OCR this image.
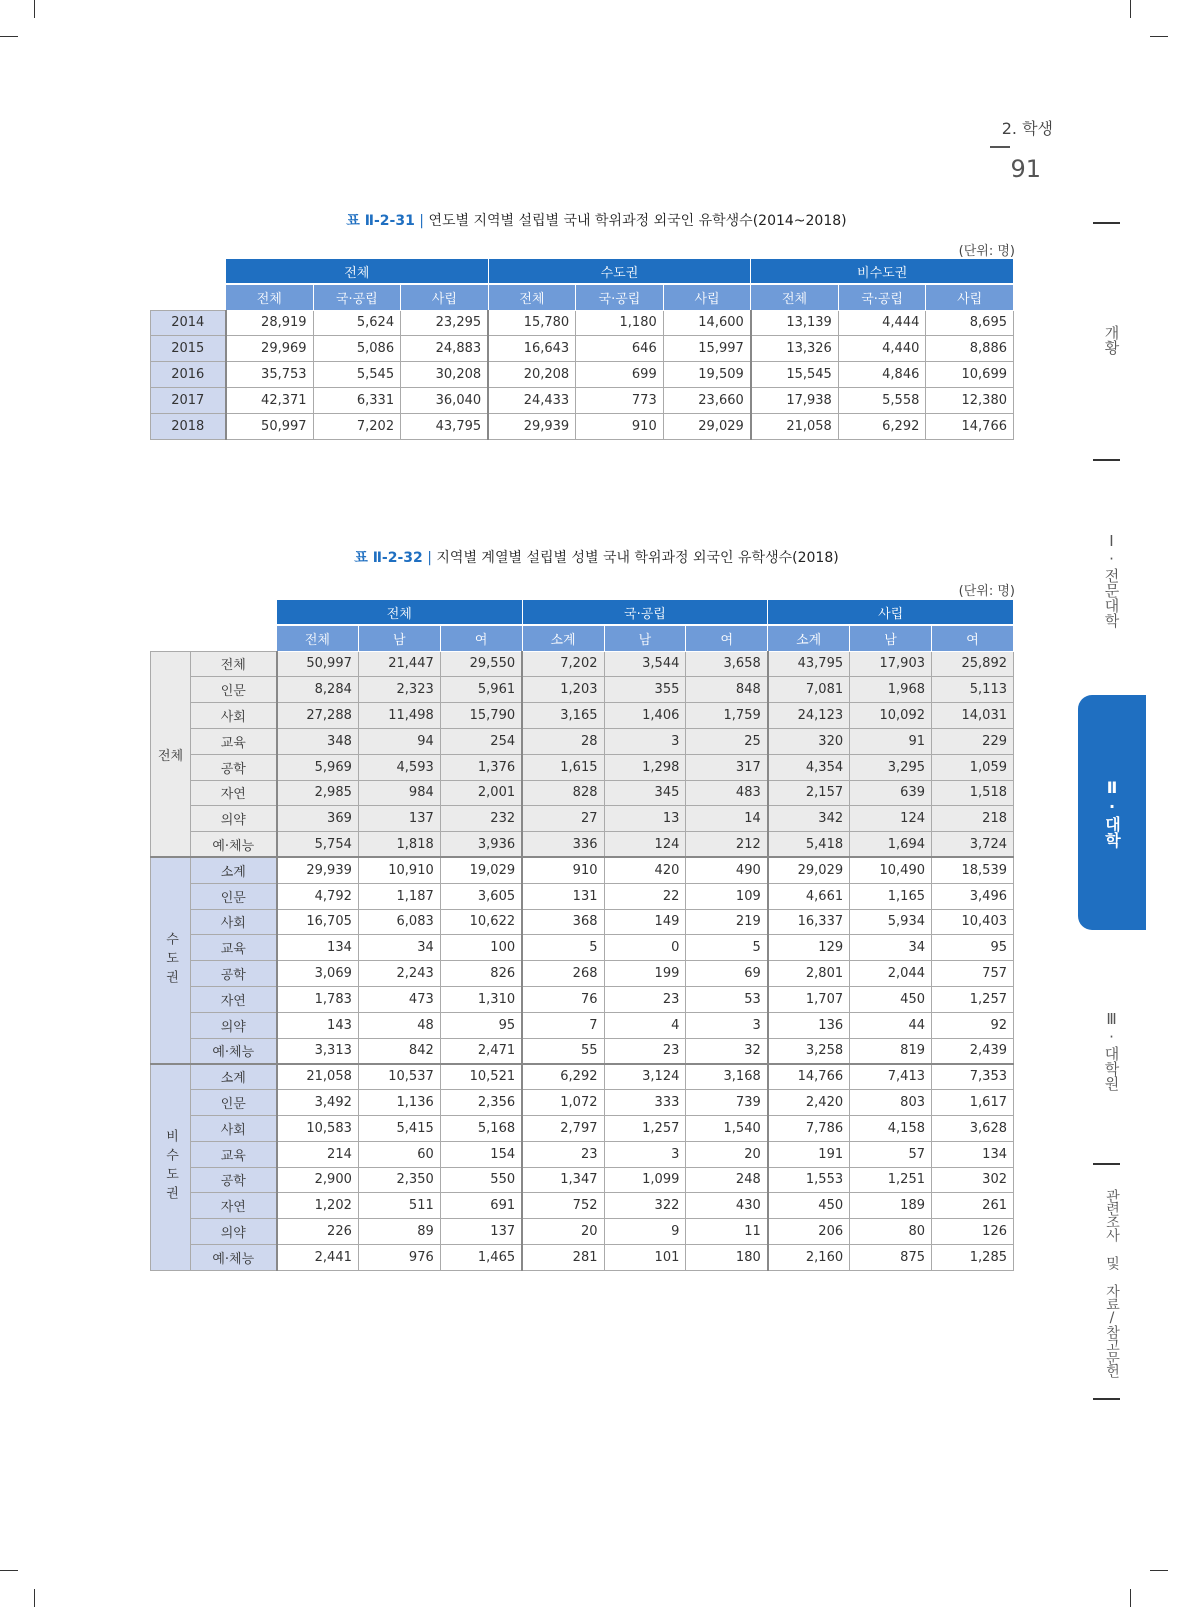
2. 학생
91
표 Ⅱ-2-31 | 연도별 지역별 설립별 국내 학위과정 외국인 유학생수(2014~2018)
(단위: 명)
	전체			수도권			비수도권		
	전체	국·공립	사립	전체	국·공립	사립	전체	국·공립	사립
2014	28,919	5,624	23,295	15,780	1,180	14,600	13,139	4,444	8,695
2015	29,969	5,086	24,883	16,643	646	15,997	13,326	4,440	8,886
2016	35,753	5,545	30,208	20,208	699	19,509	15,545	4,846	10,699
2017	42,371	6,331	36,040	24,433	773	23,660	17,938	5,558	12,380
2018	50,997	7,202	43,795	29,939	910	29,029	21,058	6,292	14,766
표 Ⅱ-2-32 | 지역별 계열별 설립별 성별 국내 학위과정 외국인 유학생수(2018)
(단위: 명)
		전체			국·공립			사립		
		전체	남	여	소계	남	여	소계	남	여
전체	전체	50,997	21,447	29,550	7,202	3,544	3,658	43,795	17,903	25,892
	인문	8,284	2,323	5,961	1,203	355	848	7,081	1,968	5,113
	사회	27,288	11,498	15,790	3,165	1,406	1,759	24,123	10,092	14,031
	교육	348	94	254	28	3	25	320	91	229
	공학	5,969	4,593	1,376	1,615	1,298	317	4,354	3,295	1,059
	자연	2,985	984	2,001	828	345	483	2,157	639	1,518
	의약	369	137	232	27	13	14	342	124	218
	예·체능	5,754	1,818	3,936	336	124	212	5,418	1,694	3,724
수도권	소계	29,939	10,910	19,029	910	420	490	29,029	10,490	18,539
	인문	4,792	1,187	3,605	131	22	109	4,661	1,165	3,496
	사회	16,705	6,083	10,622	368	149	219	16,337	5,934	10,403
	교육	134	34	100	5	0	5	129	34	95
	공학	3,069	2,243	826	268	199	69	2,801	2,044	757
	자연	1,783	473	1,310	76	23	53	1,707	450	1,257
	의약	143	48	95	7	4	3	136	44	92
	예·체능	3,313	842	2,471	55	23	32	3,258	819	2,439
비수도권	소계	21,058	10,537	10,521	6,292	3,124	3,168	14,766	7,413	7,353
	인문	3,492	1,136	2,356	1,072	333	739	2,420	803	1,617
	사회	10,583	5,415	5,168	2,797	1,257	1,540	7,786	4,158	3,628
	교육	214	60	154	23	3	20	191	57	134
	공학	2,900	2,350	550	1,347	1,099	248	1,553	1,251	302
	자연	1,202	511	691	752	322	430	450	189	261
	의약	226	89	137	20	9	11	206	80	126
	예·체능	2,441	976	1,465	281	101	180	2,160	875	1,285
개황
Ⅰ·전문대학
Ⅱ·대학
Ⅲ·대학원
관련조사 및 자료/참고문헌
